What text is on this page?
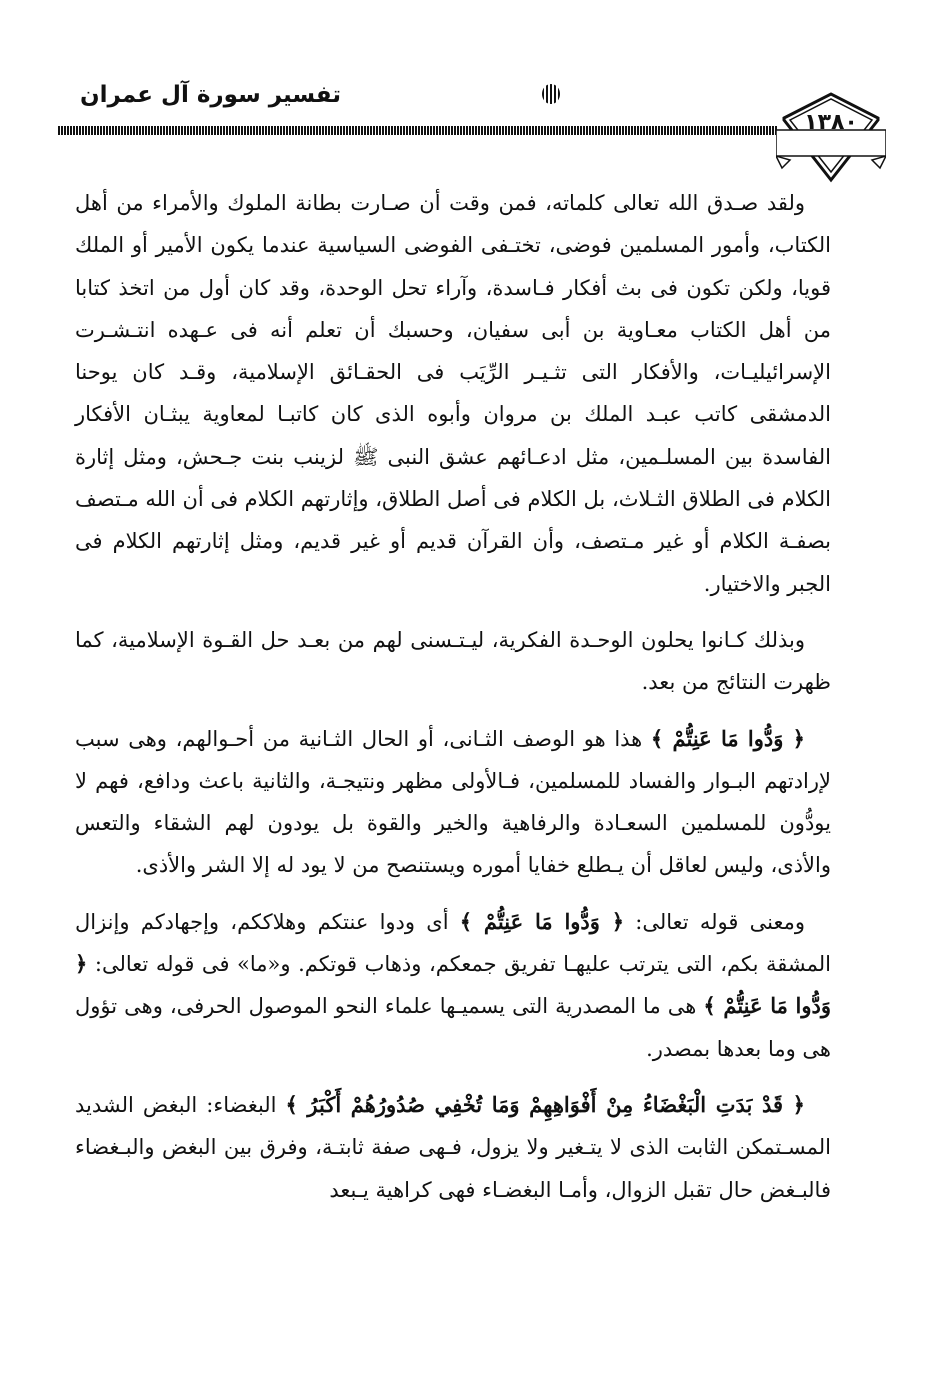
تفسير سورة آل عمران
١٣٨٠

ولقد صـدق الله تعالى كلماته، فمن وقت أن صـارت بطانة الملوك والأمراء من أهل الكتاب، وأمور المسلمين فوضى، تختـفى الفوضى السياسية عندما يكون الأمير أو الملك قويا، ولكن تكون فى بث أفكار فـاسدة، وآراء تحل الوحدة، وقد كان أول من اتخذ كتابا من أهل الكتاب معـاوية بن أبى سفيان، وحسبك أن تعلم أنه فى عـهده انتـشـرت الإسرائيليـات، والأفكار التى تثـيـر الرِّيَب فى الحقـائق الإسلامية، وقـد كان يوحنا الدمشقى كاتب عبـد الملك بن مروان وأبوه الذى كان كاتبـا لمعاوية يبثـان الأفكار الفاسدة بين المسلـمين، مثل ادعـائهم عشق النبى ﷺ لزينب بنت جـحش، ومثل إثارة الكلام فى الطلاق الثـلاث، بل الكلام فى أصل الطلاق، وإثارتهم الكلام فى أن الله مـتصف بصفـة الكلام أو غير مـتصف، وأن القرآن قديم أو غير قديم، ومثل إثارتهم الكلام فى الجبر والاختيار.

وبذلك كـانوا يحلون الوحـدة الفكرية، ليـتـسنى لهم من بعـد حل القـوة الإسلامية، كما ظهرت النتائج من بعد.

﴿ وَدُّوا مَا عَنِتُّمْ ﴾ هذا هو الوصف الثـانى، أو الحال الثـانية من أحـوالهم، وهى سبب لإرادتهم البـوار والفساد للمسلمين، فـالأولى مظهر ونتيجـة، والثانية باعث ودافع، فهم لا يودُّون للمسلمين السعـادة والرفاهية والخير والقوة بل يودون لهم الشقاء والتعس والأذى، وليس لعاقل أن يـطلع خفايا أموره ويستنصح من لا يود له إلا الشر والأذى.

ومعنى قوله تعالى: ﴿ وَدُّوا مَا عَنِتُّمْ ﴾ أى ودوا عنتكم وهلاككم، وإجهادكم وإنزال المشقة بكم، التى يترتب عليهـا تفريق جمعكم، وذهاب قوتكم. و«ما» فى قوله تعالى: ﴿ وَدُّوا مَا عَنِتُّمْ ﴾ هى ما المصدرية التى يسميـها علماء النحو الموصول الحرفى، وهى تؤول هى وما بعدها بمصدر.

﴿ قَدْ بَدَتِ الْبَغْضَاءُ مِنْ أَفْوَاهِهِمْ وَمَا تُخْفِي صُدُورُهُمْ أَكْبَرُ ﴾ البغضاء: البغض الشديد المسـتمكن الثابت الذى لا يتـغير ولا يزول، فـهى صفة ثابتـة، وفرق بين البغض والبـغضاء فالبـغض حال تقبل الزوال، وأمـا البغضـاء فهى كراهية يـبعد
